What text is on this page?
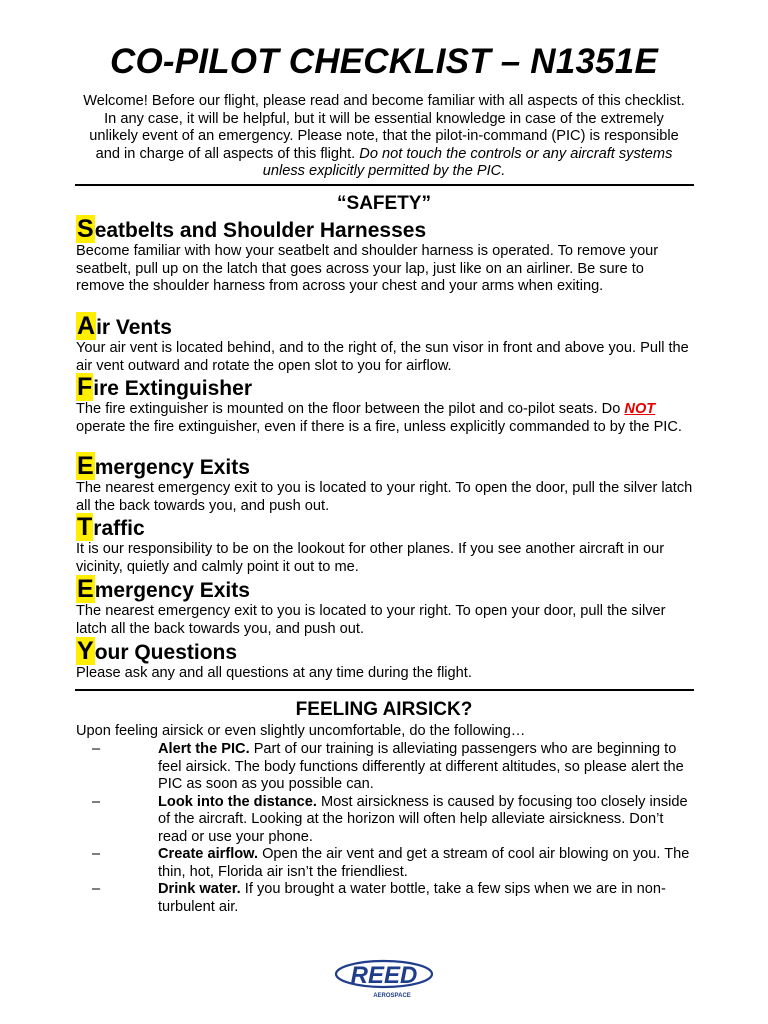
CO-PILOT CHECKLIST – N1351E

Welcome! Before our flight, please read and become familiar with all aspects of this checklist. In any case, it will be helpful, but it will be essential knowledge in case of the extremely unlikely event of an emergency. Please note, that the pilot-in-command (PIC) is responsible and in charge of all aspects of this flight. Do not touch the controls or any aircraft systems unless explicitly permitted by the PIC.

“SAFETY”

Seatbelts and Shoulder Harnesses

Become familiar with how your seatbelt and shoulder harness is operated. To remove your seatbelt, pull up on the latch that goes across your lap, just like on an airliner. Be sure to remove the shoulder harness from across your chest and your arms when exiting.

Air Vents

Your air vent is located behind, and to the right of, the sun visor in front and above you. Pull the air vent outward and rotate the open slot to you for airflow.

Fire Extinguisher

The fire extinguisher is mounted on the floor between the pilot and co-pilot seats. Do NOT operate the fire extinguisher, even if there is a fire, unless explicitly commanded to by the PIC.

Emergency Exits

The nearest emergency exit to you is located to your right. To open the door, pull the silver latch all the back towards you, and push out.

Traffic

It is our responsibility to be on the lookout for other planes. If you see another aircraft in our vicinity, quietly and calmly point it out to me.

Emergency Exits

The nearest emergency exit to you is located to your right. To open your door, pull the silver latch all the back towards you, and push out.

Your Questions

Please ask any and all questions at any time during the flight.

FEELING AIRSICK?

Upon feeling airsick or even slightly uncomfortable, do the following…

–	Alert the PIC. Part of our training is alleviating passengers who are beginning to feel airsick. The body functions differently at different altitudes, so please alert the PIC as soon as you possible can.
–	Look into the distance. Most airsickness is caused by focusing too closely inside of the aircraft. Looking at the horizon will often help alleviate airsickness. Don’t read or use your phone.
–	Create airflow. Open the air vent and get a stream of cool air blowing on you. The thin, hot, Florida air isn’t the friendliest.
–	Drink water. If you brought a water bottle, take a few sips when we are in non-turbulent air.
REED
AEROSPACE
